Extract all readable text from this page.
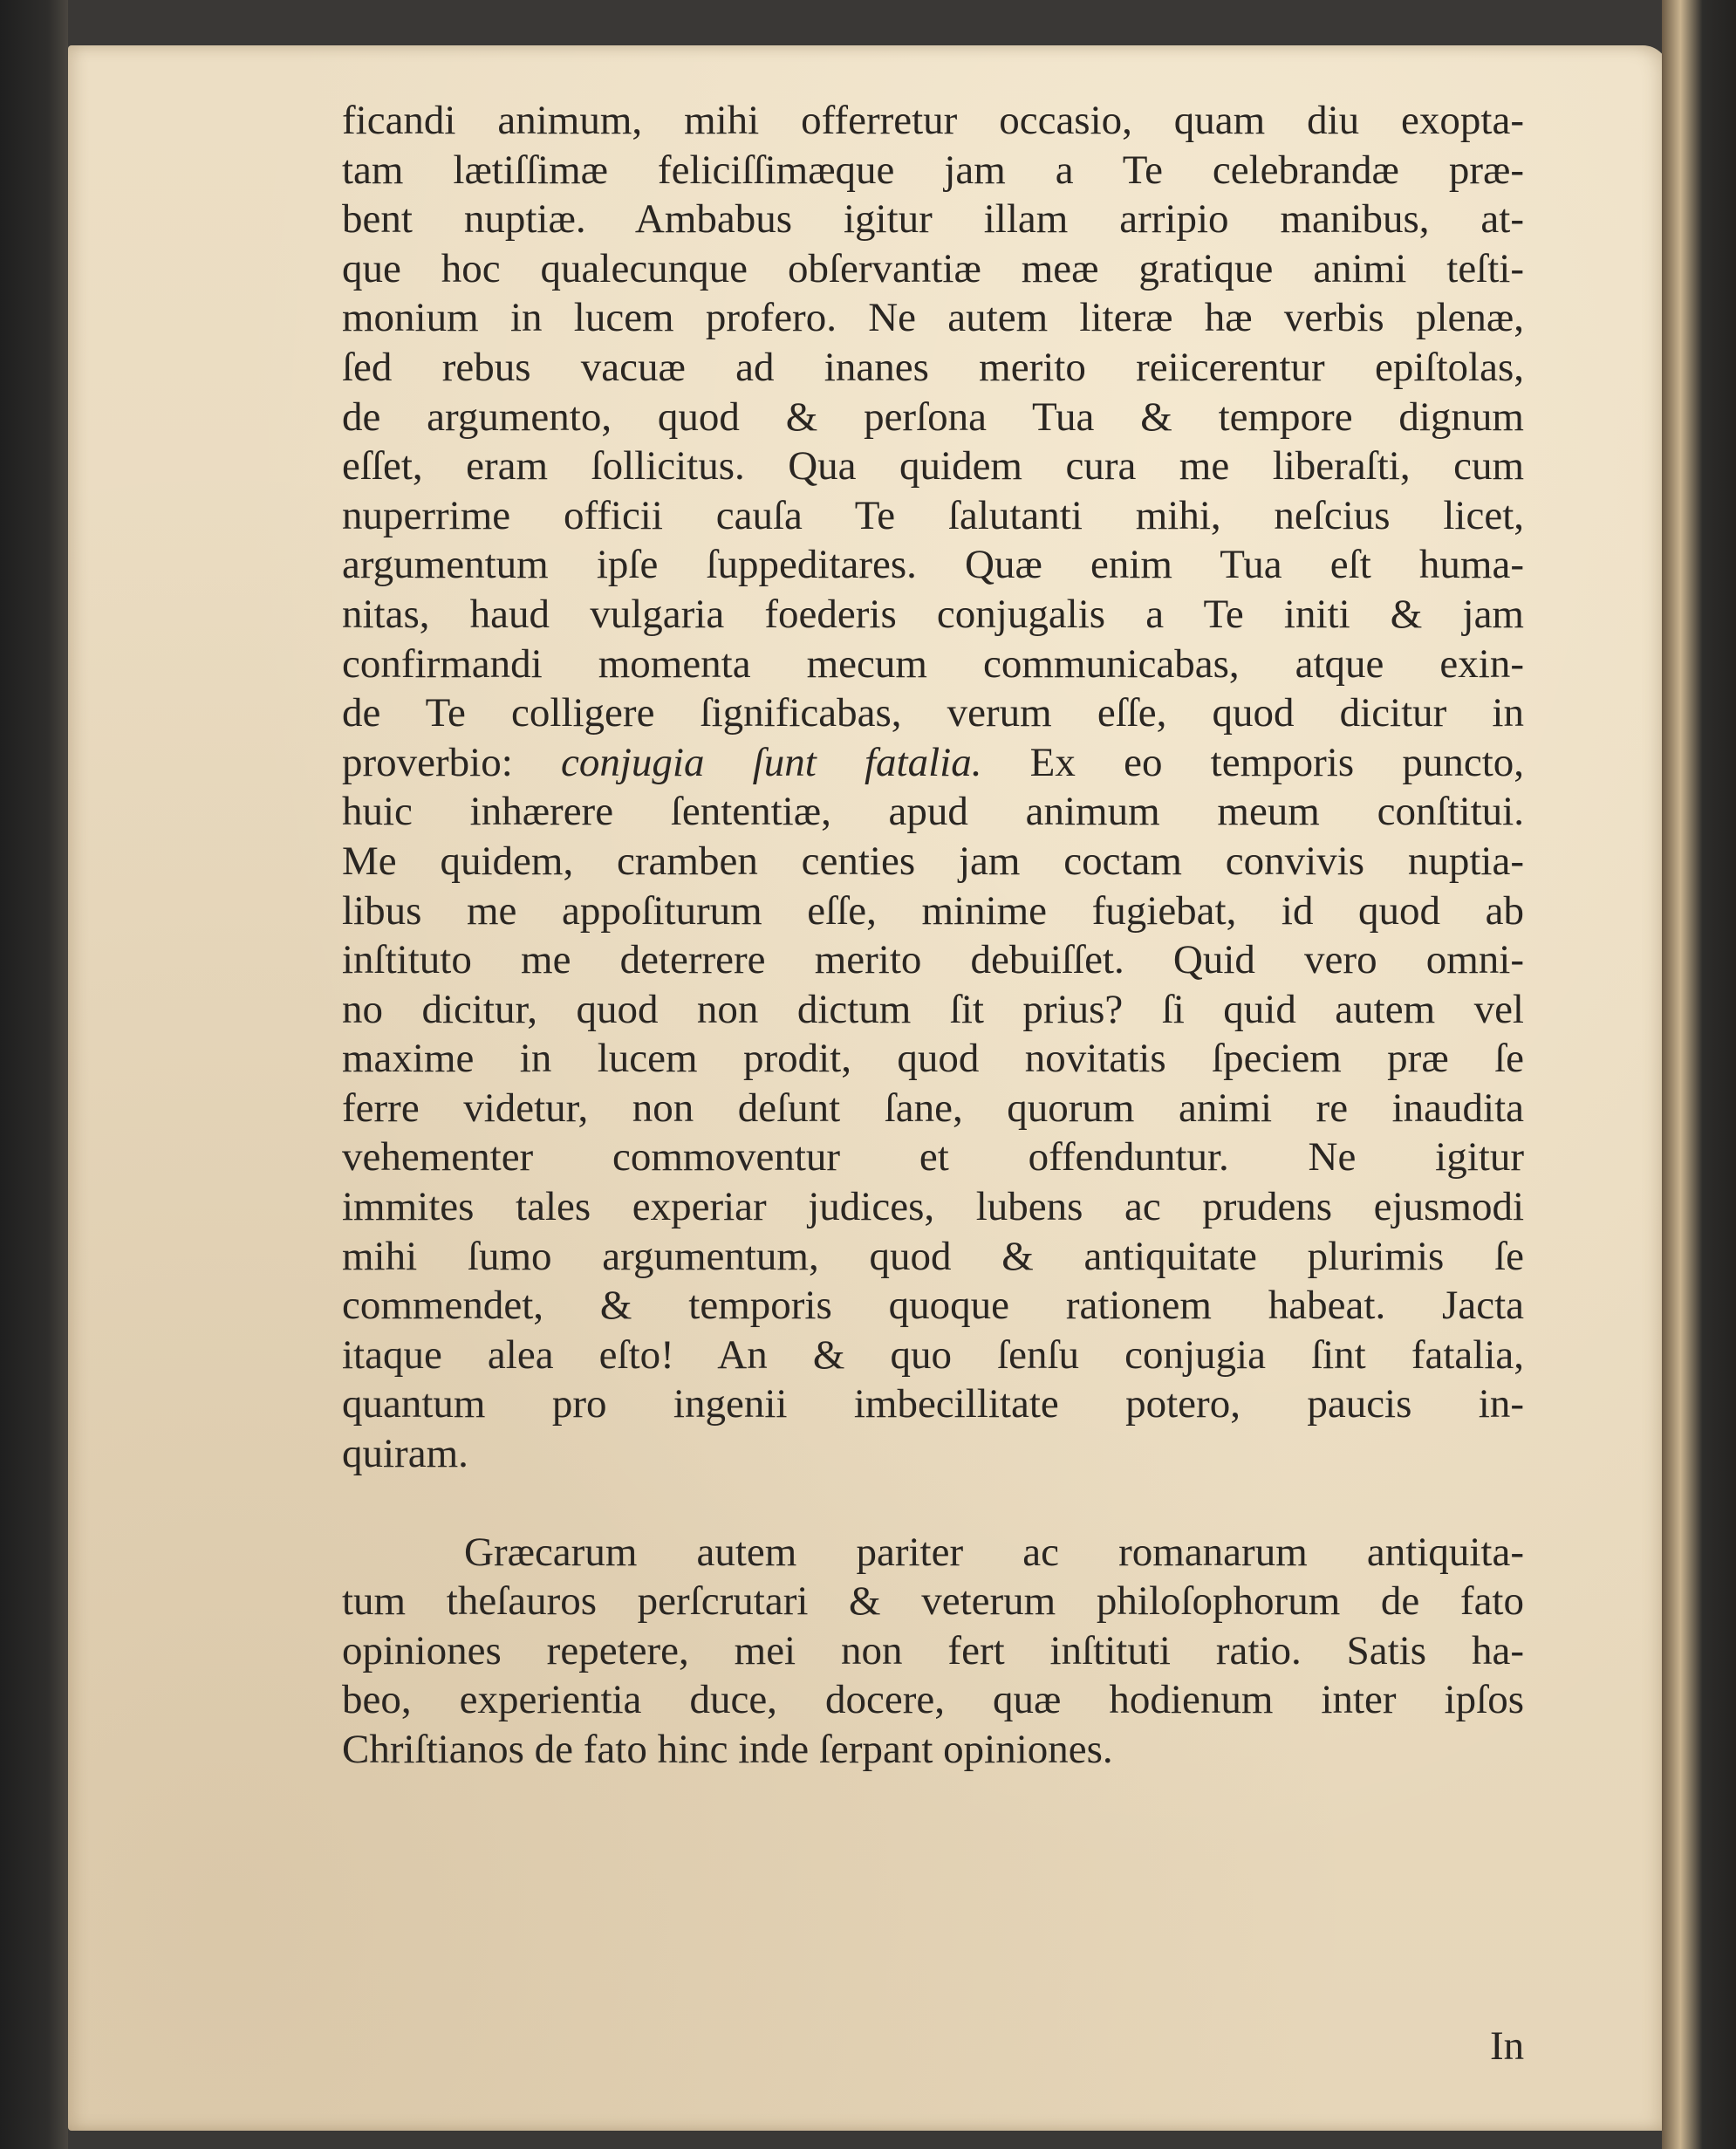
ficandi animum, mihi offerretur occasio, quam diu exopta-
tam lætiſſimæ feliciſſimæque jam a Te celebrandæ præ-
bent nuptiæ. Ambabus igitur illam arripio manibus, at-
que hoc qualecunque obſervantiæ meæ gratique animi teſti-
monium in lucem profero. Ne autem literæ hæ verbis plenæ,
ſed rebus vacuæ ad inanes merito reiicerentur epiſtolas,
de argumento, quod & perſona Tua & tempore dignum
eſſet, eram ſollicitus. Qua quidem cura me liberaſti, cum
nuperrime officii cauſa Te ſalutanti mihi, neſcius licet,
argumentum ipſe ſuppeditares. Quæ enim Tua eſt huma-
nitas, haud vulgaria foederis conjugalis a Te initi & jam
confirmandi momenta mecum communicabas, atque exin-
de Te colligere ſignificabas, verum eſſe, quod dicitur in
proverbio: conjugia ſunt fatalia. Ex eo temporis puncto,
huic inhærere ſententiæ, apud animum meum conſtitui.
Me quidem, cramben centies jam coctam convivis nuptia-
libus me appoſiturum eſſe, minime fugiebat, id quod ab
inſtituto me deterrere merito debuiſſet. Quid vero omni-
no dicitur, quod non dictum ſit prius? ſi quid autem vel
maxime in lucem prodit, quod novitatis ſpeciem præ ſe
ferre videtur, non deſunt ſane, quorum animi re inaudita
vehementer commoventur et offenduntur. Ne igitur
immites tales experiar judices, lubens ac prudens ejusmodi
mihi ſumo argumentum, quod & antiquitate plurimis ſe
commendet, & temporis quoque rationem habeat. Jacta
itaque alea eſto! An & quo ſenſu conjugia ſint fatalia,
quantum pro ingenii imbecillitate potero, paucis in-
quiram.
Græcarum autem pariter ac romanarum antiquita-
tum theſauros perſcrutari & veterum philoſophorum de fato
opiniones repetere, mei non fert inſtituti ratio. Satis ha-
beo, experientia duce, docere, quæ hodienum inter ipſos
Chriſtianos de fato hinc inde ſerpant opiniones.
In
